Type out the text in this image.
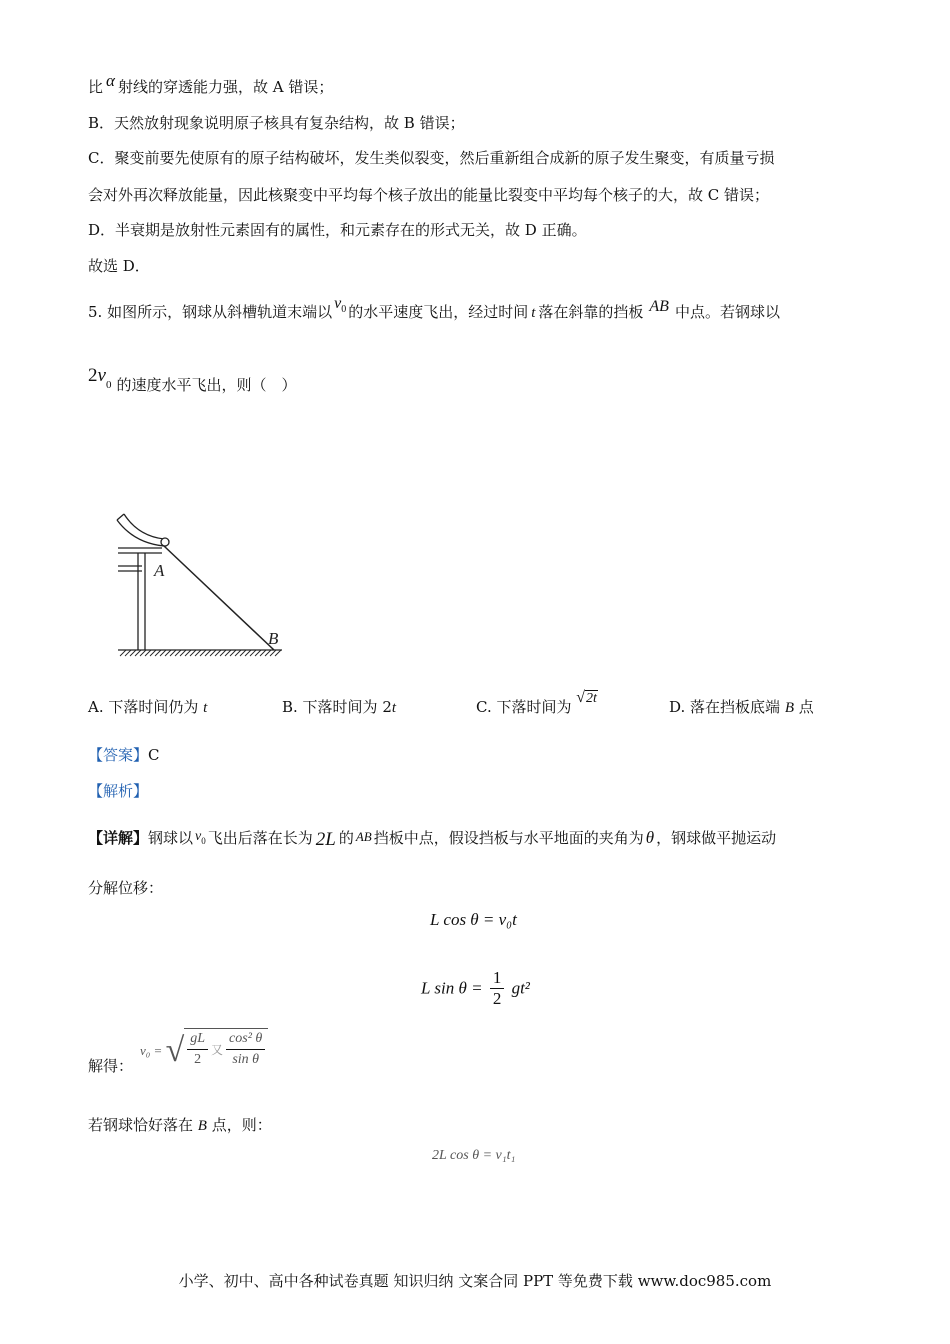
比 α 射线的穿透能力强，故 A 错误；
B．天然放射现象说明原子核具有复杂结构，故 B 错误；
C．聚变前要先使原有的原子结构破坏，发生类似裂变，然后重新组合成新的原子发生聚变，有质量亏损
会对外再次释放能量，因此核聚变中平均每个核子放出的能量比裂变中平均每个核子的大，故 C 错误；
D．半衰期是放射性元素固有的属性，和元素存在的形式无关，故 D 正确。
故选 D．
5. 如图所示，钢球从斜槽轨道末端以 $v_0$ 的水平速度飞出，经过时间 t 落在斜靠的挡板 AB 中点。若钢球以
$2v_0$ 的速度水平飞出，则（　）
A
B
A. 下落时间仍为 t	B. 下落时间为 2t	C. 下落时间为 √2t	D. 落在挡板底端 B 点
【答案】C
【解析】
【详解】钢球以 $v_0$ 飞出后落在长为 2L 的 AB 挡板中点，假设挡板与水平地面的夹角为 θ ，钢球做平抛运动
分解位移：
L cos θ = v₀t
L $\sin \theta = \frac{1}{2} gt^2$
解得：
v₀ = √ $\frac{gL}{2}$ 又 $\frac{\text{cos² θ}}{\text{sin θ}}$
若钢球恰好落在 B 点，则：
2L cos θ = v₁t₁
小学、初中、高中各种试卷真题 知识归纳 文案合同 PPT 等免费下载 www.doc985.com
